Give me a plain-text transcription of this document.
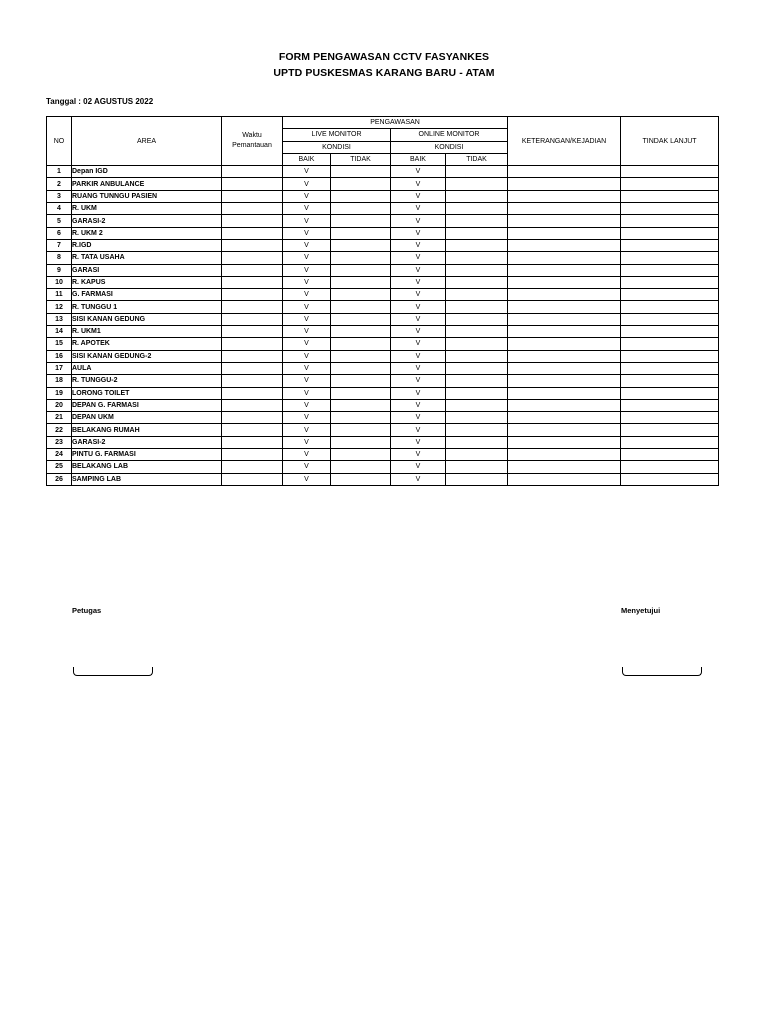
FORM PENGAWASAN CCTV FASYANKES
UPTD PUSKESMAS KARANG BARU - ATAM
Tanggal : 02 AGUSTUS 2022
NO	AREA	Waktu Pemantauan	PENGAWASAN				KETERANGAN/KEJADIAN	TINDAK LANJUT
			LIVE MONITOR		ONLINE MONITOR			
			KONDISI		KONDISI			
			BAIK	TIDAK	BAIK	TIDAK		
1	Depan IGD		V		V			
2	PARKIR ANBULANCE		V		V			
3	RUANG TUNNGU PASIEN		V		V			
4	R. UKM		V		V			
5	GARASI-2		V		V			
6	R. UKM 2		V		V			
7	R.IGD		V		V			
8	R. TATA USAHA		V		V			
9	GARASI		V		V			
10	R. KAPUS		V		V			
11	G. FARMASI		V		V			
12	R. TUNGGU 1		V		V			
13	SISI KANAN GEDUNG		V		V			
14	R. UKM1		V		V			
15	R. APOTEK		V		V			
16	SISI KANAN GEDUNG-2		V		V			
17	AULA		V		V			
18	R. TUNGGU-2		V		V			
19	LORONG TOILET		V		V			
20	DEPAN G. FARMASI		V		V			
21	DEPAN UKM		V		V			
22	BELAKANG RUMAH		V		V			
23	GARASI-2		V		V			
24	PINTU G. FARMASI		V		V			
25	BELAKANG LAB		V		V			
26	SAMPING LAB		V		V			
Petugas	Menyetujui
